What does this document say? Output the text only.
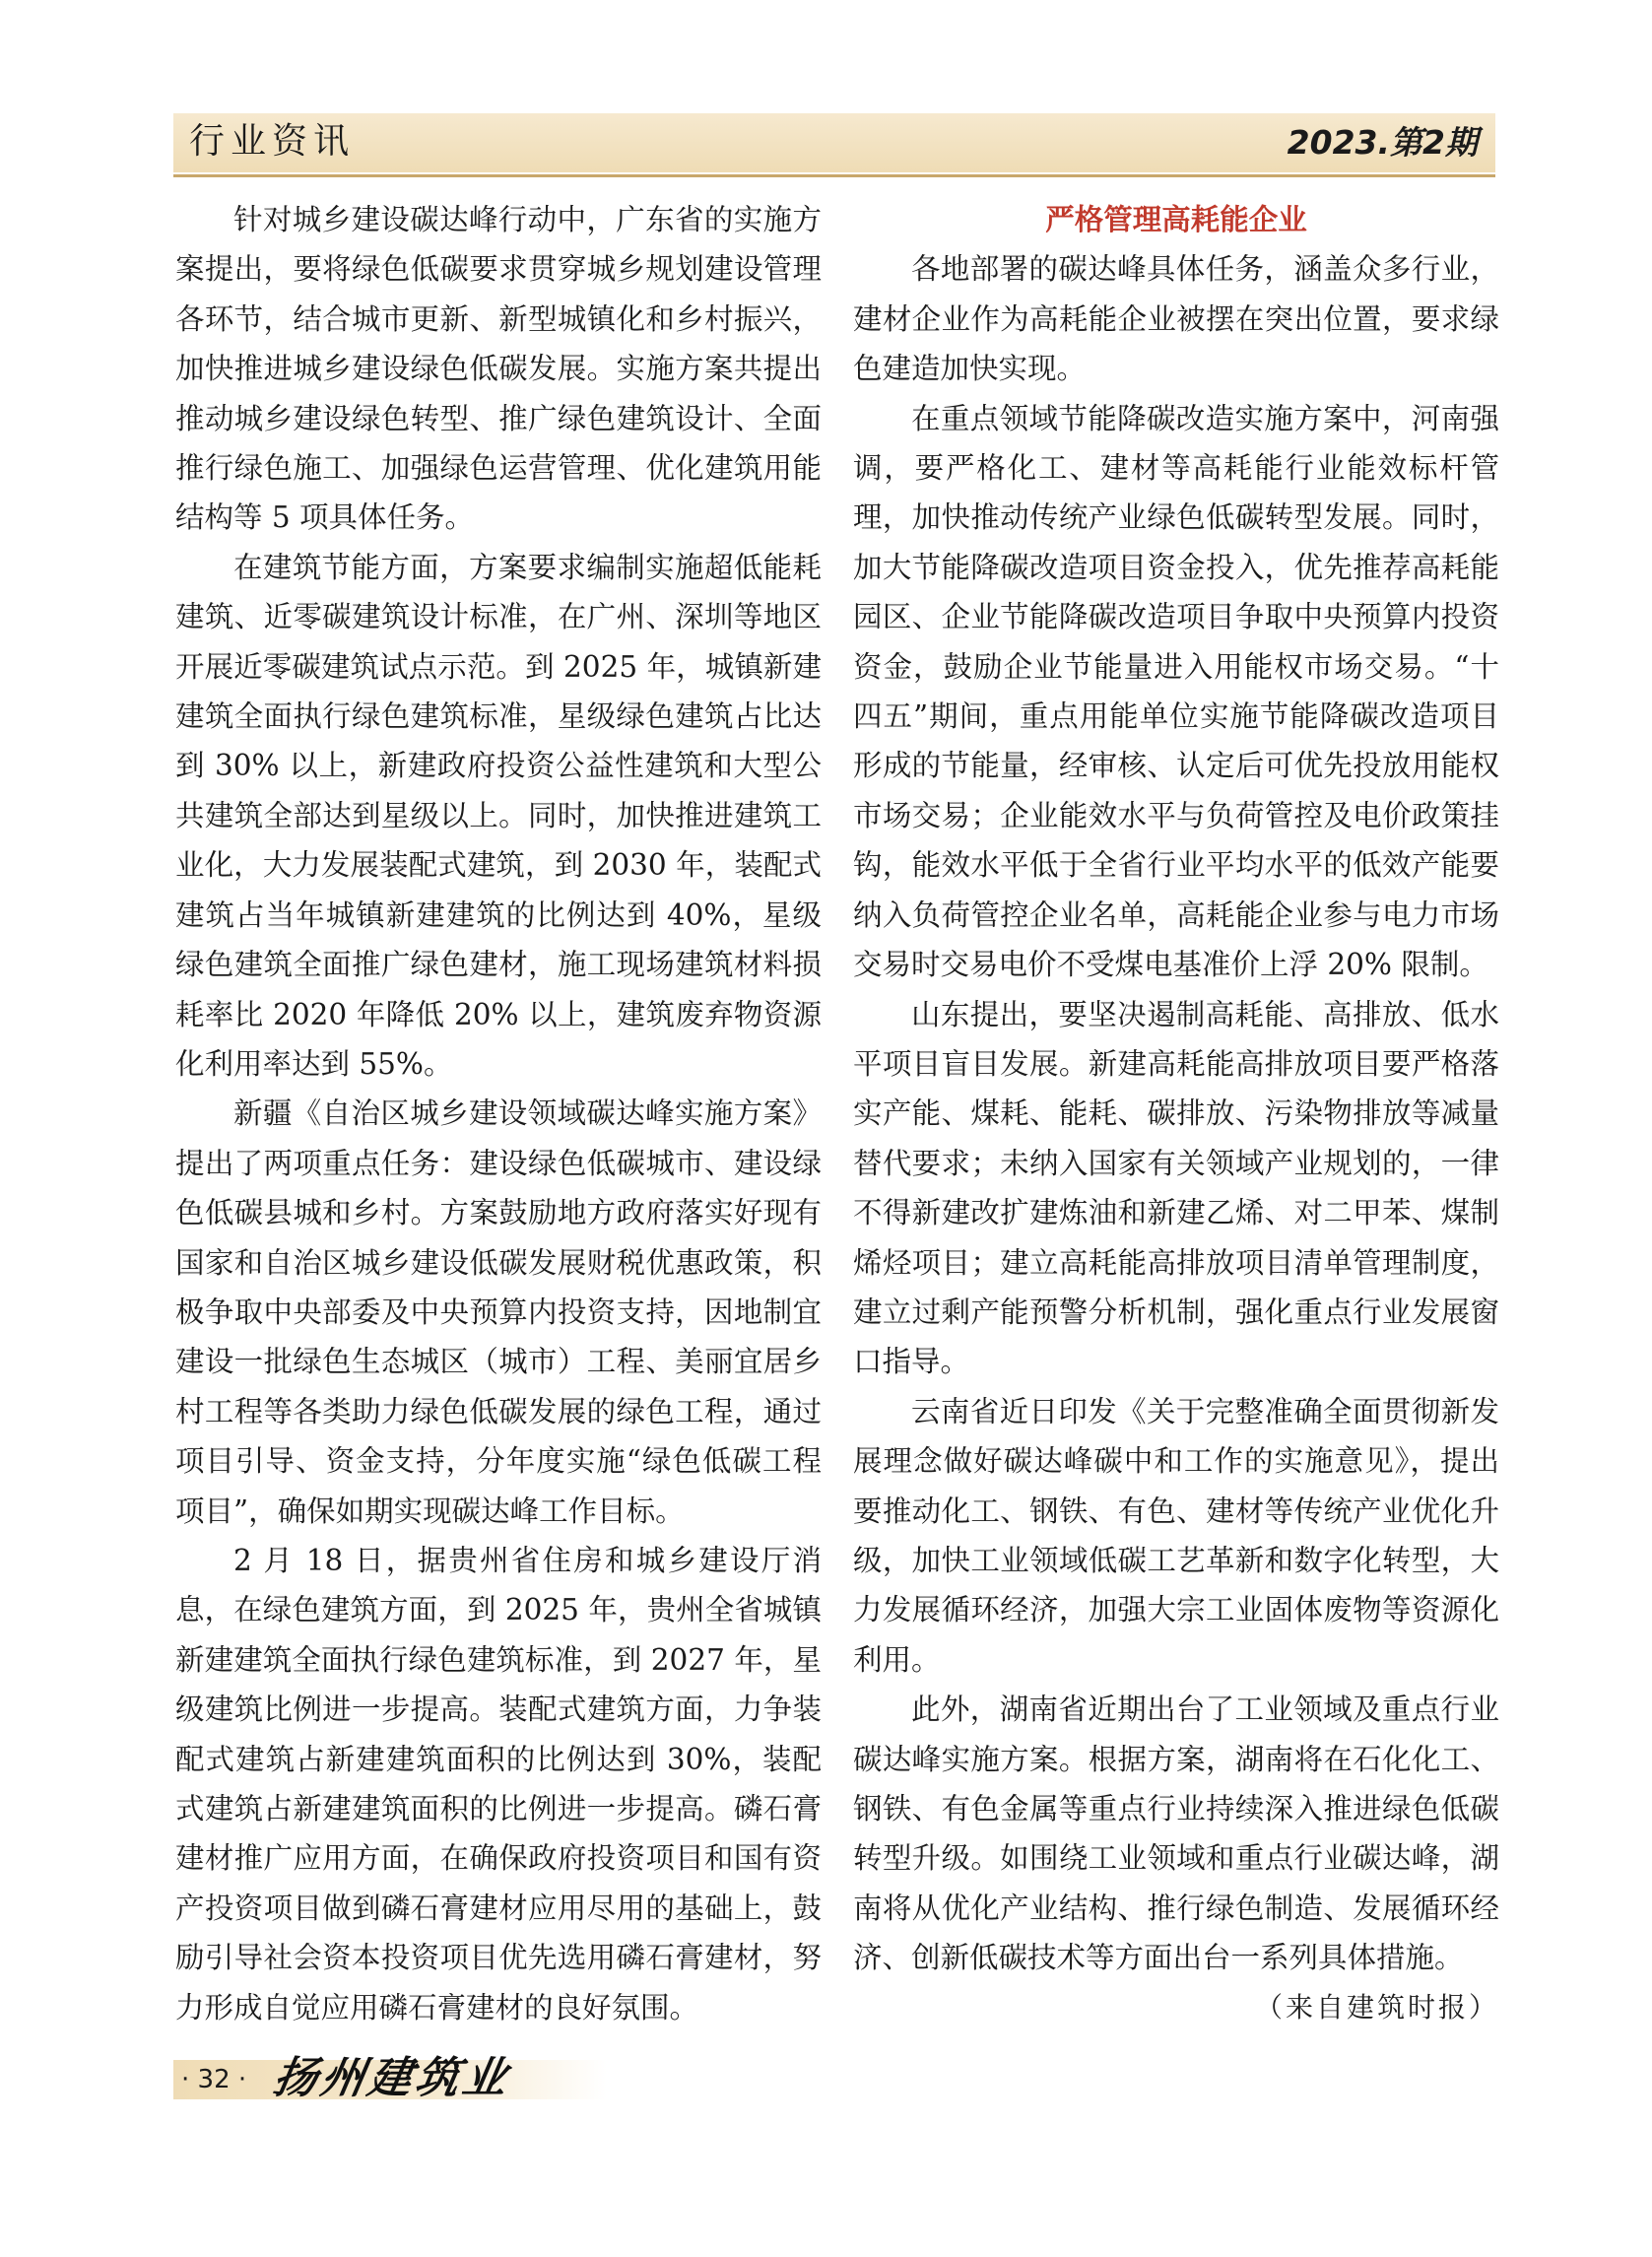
行业资讯	2023.第2期

针对城乡建设碳达峰行动中，广东省的实施方案提出，要将绿色低碳要求贯穿城乡规划建设管理各环节，结合城市更新、新型城镇化和乡村振兴，加快推进城乡建设绿色低碳发展。实施方案共提出推动城乡建设绿色转型、推广绿色建筑设计、全面推行绿色施工、加强绿色运营管理、优化建筑用能结构等 5 项具体任务。

在建筑节能方面，方案要求编制实施超低能耗建筑、近零碳建筑设计标准，在广州、深圳等地区开展近零碳建筑试点示范。到 2025 年，城镇新建建筑全面执行绿色建筑标准，星级绿色建筑占比达到 30% 以上，新建政府投资公益性建筑和大型公共建筑全部达到星级以上。同时，加快推进建筑工业化，大力发展装配式建筑，到 2030 年，装配式建筑占当年城镇新建建筑的比例达到 40%，星级绿色建筑全面推广绿色建材，施工现场建筑材料损耗率比 2020 年降低 20% 以上，建筑废弃物资源化利用率达到 55%。

新疆《自治区城乡建设领域碳达峰实施方案》提出了两项重点任务：建设绿色低碳城市、建设绿色低碳县城和乡村。方案鼓励地方政府落实好现有国家和自治区城乡建设低碳发展财税优惠政策，积极争取中央部委及中央预算内投资支持，因地制宜建设一批绿色生态城区（城市）工程、美丽宜居乡村工程等各类助力绿色低碳发展的绿色工程，通过项目引导、资金支持，分年度实施“绿色低碳工程项目”，确保如期实现碳达峰工作目标。

2 月 18 日，据贵州省住房和城乡建设厅消息，在绿色建筑方面，到 2025 年，贵州全省城镇新建建筑全面执行绿色建筑标准，到 2027 年，星级建筑比例进一步提高。装配式建筑方面，力争装配式建筑占新建建筑面积的比例达到 30%，装配式建筑占新建建筑面积的比例进一步提高。磷石膏建材推广应用方面，在确保政府投资项目和国有资产投资项目做到磷石膏建材应用尽用的基础上，鼓励引导社会资本投资项目优先选用磷石膏建材，努力形成自觉应用磷石膏建材的良好氛围。

严格管理高耗能企业

各地部署的碳达峰具体任务，涵盖众多行业，建材企业作为高耗能企业被摆在突出位置，要求绿色建造加快实现。

在重点领域节能降碳改造实施方案中，河南强调，要严格化工、建材等高耗能行业能效标杆管理，加快推动传统产业绿色低碳转型发展。同时，加大节能降碳改造项目资金投入，优先推荐高耗能园区、企业节能降碳改造项目争取中央预算内投资资金，鼓励企业节能量进入用能权市场交易。“十四五”期间，重点用能单位实施节能降碳改造项目形成的节能量，经审核、认定后可优先投放用能权市场交易；企业能效水平与负荷管控及电价政策挂钩，能效水平低于全省行业平均水平的低效产能要纳入负荷管控企业名单，高耗能企业参与电力市场交易时交易电价不受煤电基准价上浮 20% 限制。

山东提出，要坚决遏制高耗能、高排放、低水平项目盲目发展。新建高耗能高排放项目要严格落实产能、煤耗、能耗、碳排放、污染物排放等减量替代要求；未纳入国家有关领域产业规划的，一律不得新建改扩建炼油和新建乙烯、对二甲苯、煤制烯烃项目；建立高耗能高排放项目清单管理制度，建立过剩产能预警分析机制，强化重点行业发展窗口指导。

云南省近日印发《关于完整准确全面贯彻新发展理念做好碳达峰碳中和工作的实施意见》，提出要推动化工、钢铁、有色、建材等传统产业优化升级，加快工业领域低碳工艺革新和数字化转型，大力发展循环经济，加强大宗工业固体废物等资源化利用。

此外，湖南省近期出台了工业领域及重点行业碳达峰实施方案。根据方案，湖南将在石化化工、钢铁、有色金属等重点行业持续深入推进绿色低碳转型升级。如围绕工业领域和重点行业碳达峰，湖南将从优化产业结构、推行绿色制造、发展循环经济、创新低碳技术等方面出台一系列具体措施。

（来自建筑时报）

· 32 · 扬州建筑业
